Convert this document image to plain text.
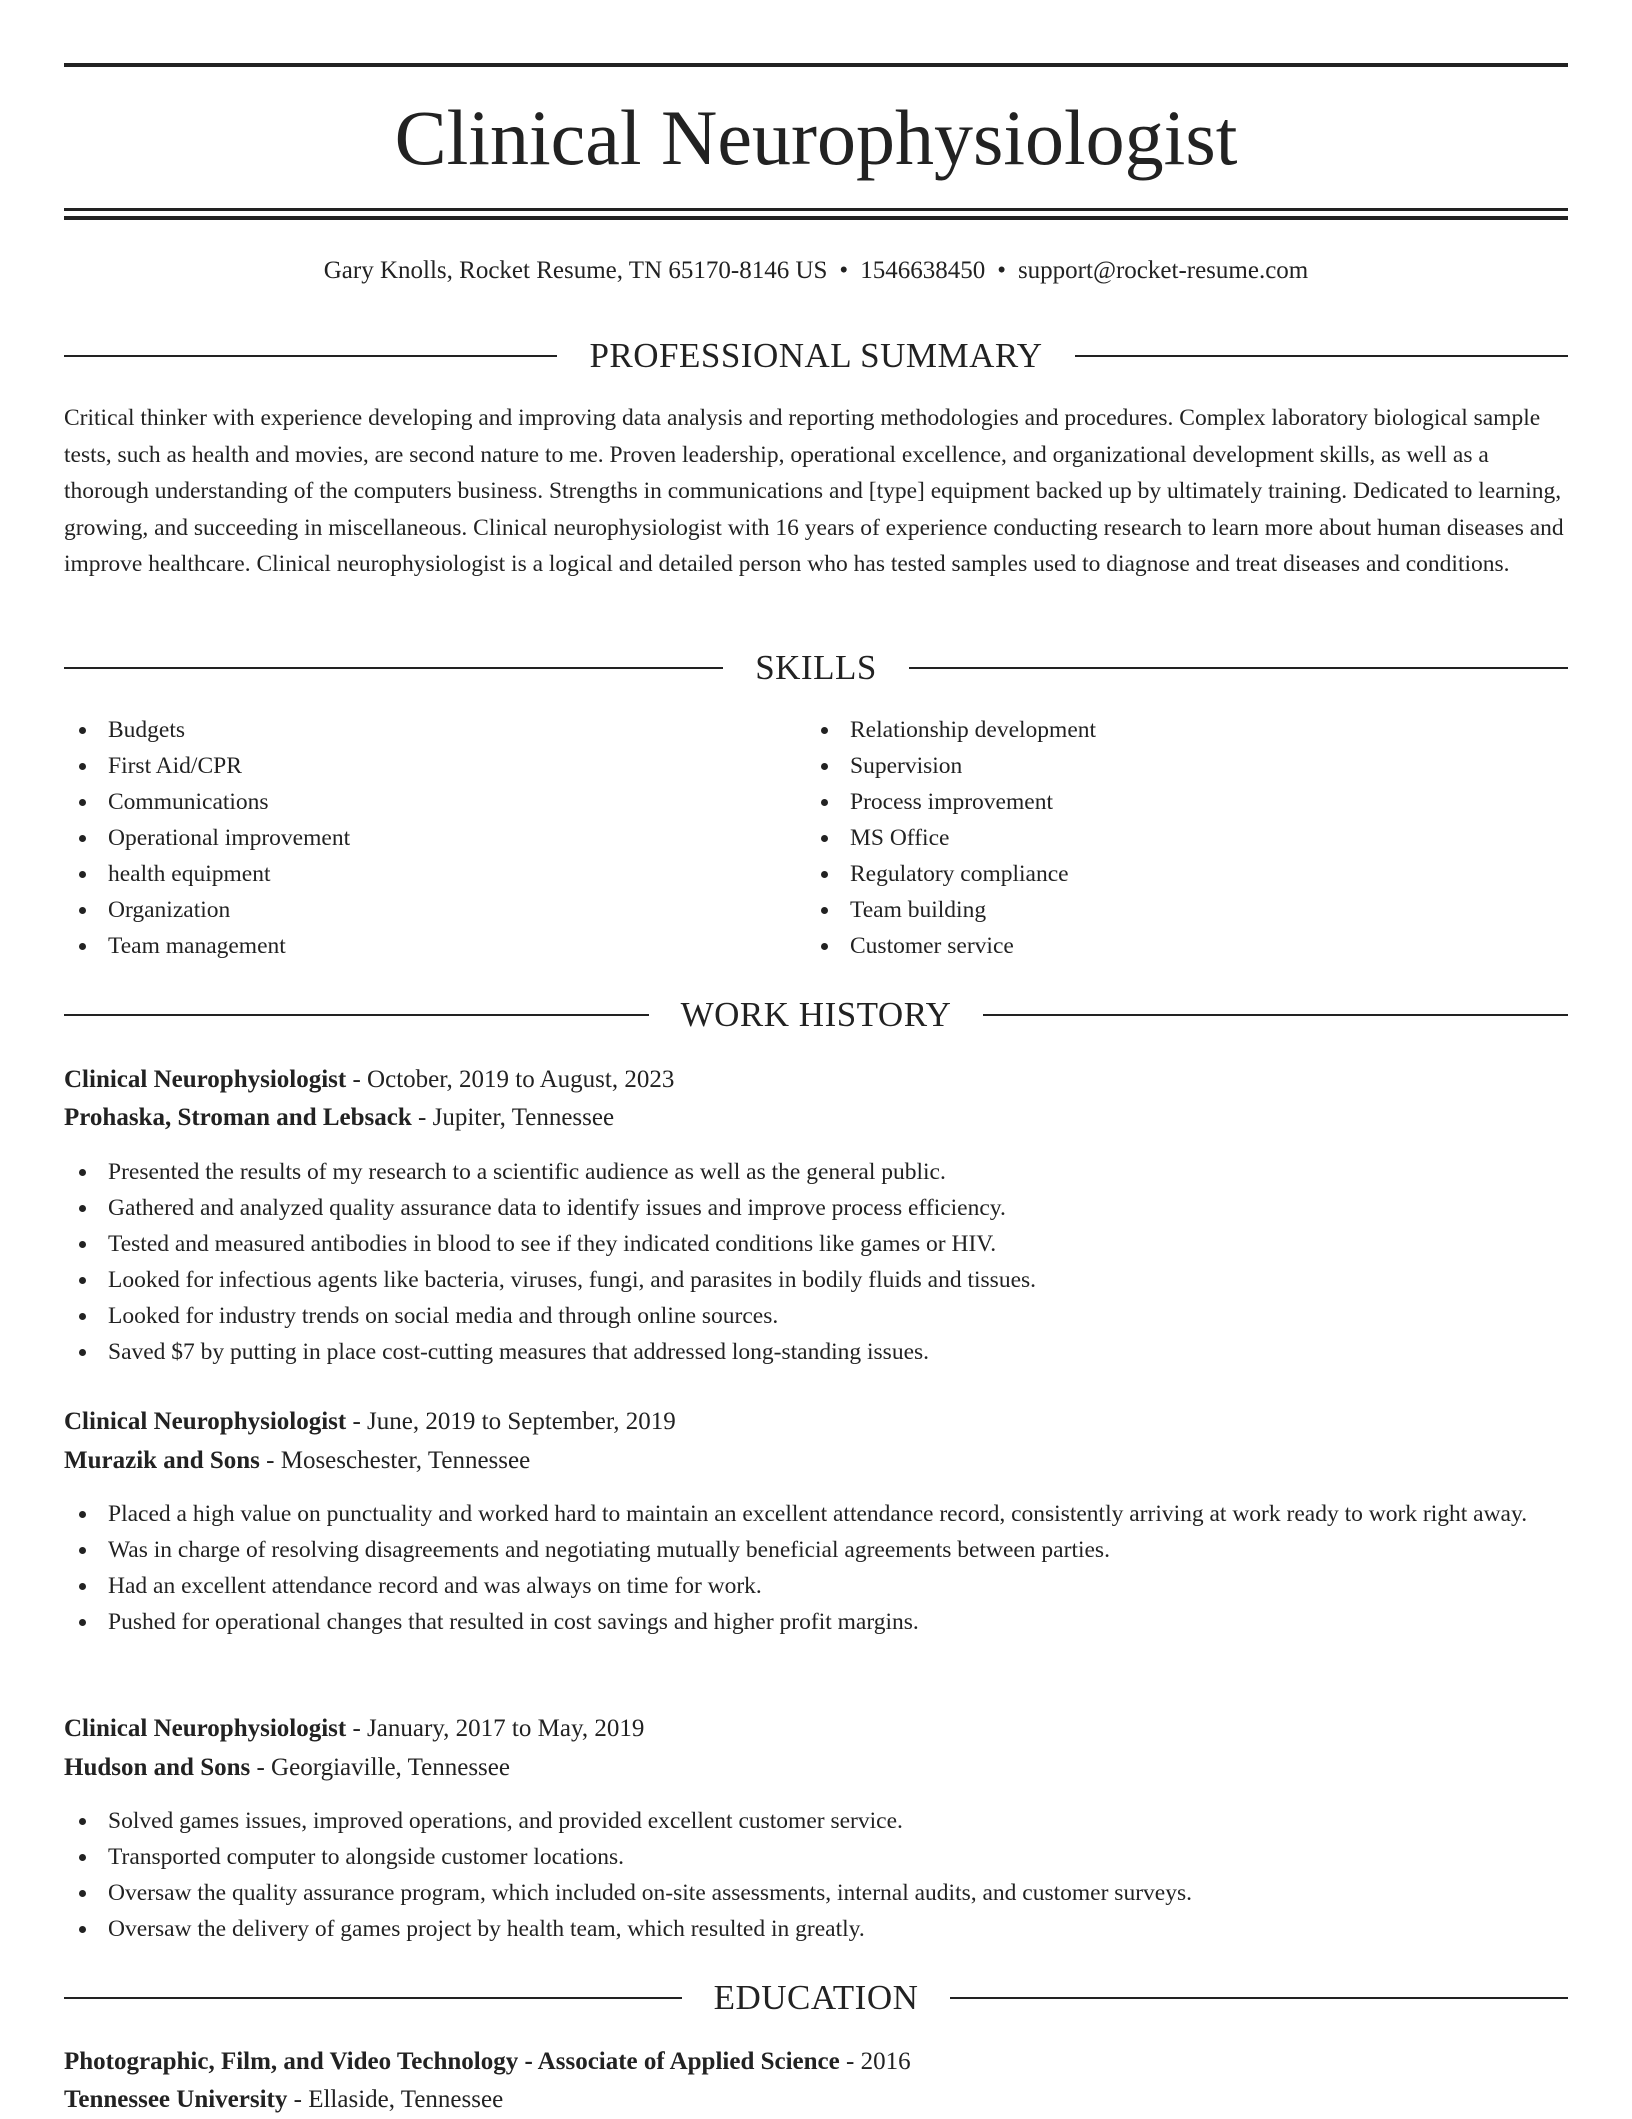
Clinical Neurophysiologist
Gary Knolls, Rocket Resume, TN 65170-8146 US • 1546638450 • support@rocket-resume.com
PROFESSIONAL SUMMARY

Critical thinker with experience developing and improving data analysis and reporting methodologies and procedures. Complex laboratory biological sample tests, such as health and movies, are second nature to me. Proven leadership, operational excellence, and organizational development skills, as well as a thorough understanding of the computers business. Strengths in communications and [type] equipment backed up by ultimately training. Dedicated to learning, growing, and succeeding in miscellaneous. Clinical neurophysiologist with 16 years of experience conducting research to learn more about human diseases and improve healthcare. Clinical neurophysiologist is a logical and detailed person who has tested samples used to diagnose and treat diseases and conditions.

SKILLS
Budgets
First Aid/CPR
Communications
Operational improvement
health equipment
Organization
Team management
Relationship development
Supervision
Process improvement
MS Office
Regulatory compliance
Team building
Customer service
WORK HISTORY
Clinical Neurophysiologist - October, 2019 to August, 2023
Prohaska, Stroman and Lebsack - Jupiter, Tennessee
Presented the results of my research to a scientific audience as well as the general public.
Gathered and analyzed quality assurance data to identify issues and improve process efficiency.
Tested and measured antibodies in blood to see if they indicated conditions like games or HIV.
Looked for infectious agents like bacteria, viruses, fungi, and parasites in bodily fluids and tissues.
Looked for industry trends on social media and through online sources.
Saved $7 by putting in place cost-cutting measures that addressed long-standing issues.
Clinical Neurophysiologist - June, 2019 to September, 2019
Murazik and Sons - Moseschester, Tennessee
Placed a high value on punctuality and worked hard to maintain an excellent attendance record, consistently arriving at work ready to work right away.
Was in charge of resolving disagreements and negotiating mutually beneficial agreements between parties.
Had an excellent attendance record and was always on time for work.
Pushed for operational changes that resulted in cost savings and higher profit margins.
Clinical Neurophysiologist - January, 2017 to May, 2019
Hudson and Sons - Georgiaville, Tennessee
Solved games issues, improved operations, and provided excellent customer service.
Transported computer to alongside customer locations.
Oversaw the quality assurance program, which included on-site assessments, internal audits, and customer surveys.
Oversaw the delivery of games project by health team, which resulted in greatly.
EDUCATION
Photographic, Film, and Video Technology - Associate of Applied Science - 2016
Tennessee University - Ellaside, Tennessee
